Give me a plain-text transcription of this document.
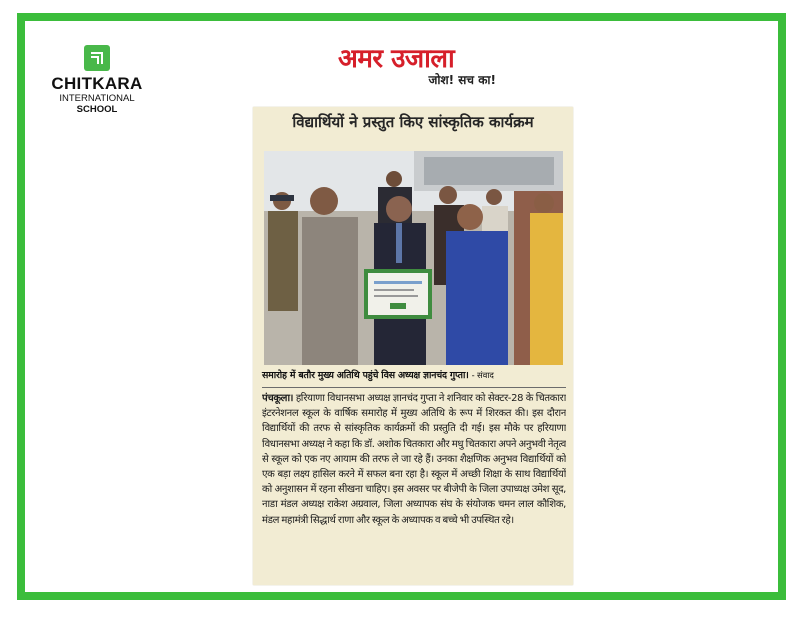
CHITKARA
INTERNATIONAL
SCHOOL
अमर उजाला
जोश! सच का!
विद्यार्थियों ने प्रस्तुत किए सांस्कृतिक कार्यक्रम
समारोह में बतौर मुख्य अतिथि पहुंचे विस अध्यक्ष ज्ञानचंद गुप्ता। - संवाद
पंचकूला। हरियाणा विधानसभा अध्यक्ष ज्ञानचंद गुप्ता ने शनिवार को सेक्टर-28 के चितकारा इंटरनेशनल स्कूल के वार्षिक समारोह में मुख्य अतिथि के रूप में शिरकत की। इस दौरान विद्यार्थियों की तरफ से सांस्कृतिक कार्यक्रमों की प्रस्तुति दी गई। इस मौके पर हरियाणा विधानसभा अध्यक्ष ने कहा कि डॉ. अशोक चितकारा और मधु चितकारा अपने अनुभवी नेतृत्व से स्कूल को एक नए आयाम की तरफ ले जा रहे हैं। उनका शैक्षणिक अनुभव विद्यार्थियों को एक बड़ा लक्ष्य हासिल करने में सफल बना रहा है। स्कूल में अच्छी शिक्षा के साथ विद्यार्थियों को अनुशासन में रहना सीखना चाहिए। इस अवसर पर बीजेपी के जिला उपाध्यक्ष उमेश सूद, नाडा मंडल अध्यक्ष राकेश अग्रवाल, जिला अध्यापक संघ के संयोजक चमन लाल कौशिक, मंडल महामंत्री सिद्धार्थ राणा और स्कूल के अध्यापक व बच्चे भी उपस्थित रहे।
